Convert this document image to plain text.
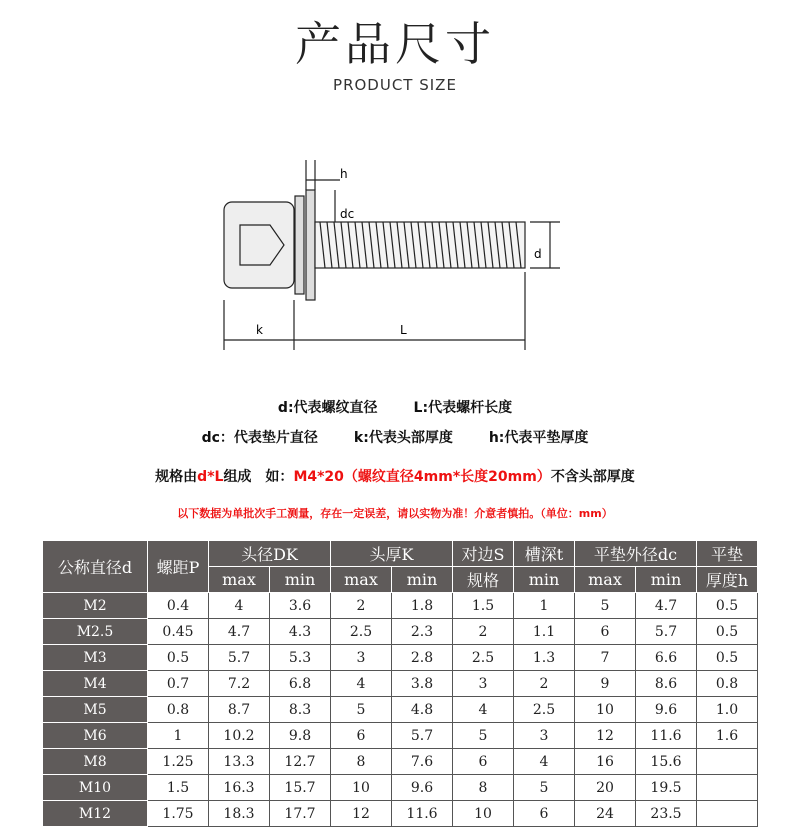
产品尺寸
PRODUCT SIZE
h
dc
d
k	L
d:代表螺纹直径	L:代表螺杆长度
dc：代表垫片直径	k:代表头部厚度	h:代表平垫厚度
规格由d*L组成　如：M4*20（螺纹直径4mm*长度20mm）不含头部厚度
以下数据为单批次手工测量，存在一定误差，请以实物为准！介意者慎拍。（单位：mm）
公称直径d	螺距P	头径DK		头厚K		对边S	槽深t	平垫外径dc		平垫
		max	min	max	min	规格	min	max	min	厚度h
M2	0.4	4	3.6	2	1.8	1.5	1	5	4.7	0.5
M2.5	0.45	4.7	4.3	2.5	2.3	2	1.1	6	5.7	0.5
M3	0.5	5.7	5.3	3	2.8	2.5	1.3	7	6.6	0.5
M4	0.7	7.2	6.8	4	3.8	3	2	9	8.6	0.8
M5	0.8	8.7	8.3	5	4.8	4	2.5	10	9.6	1.0
M6	1	10.2	9.8	6	5.7	5	3	12	11.6	1.6
M8	1.25	13.3	12.7	8	7.6	6	4	16	15.6	
M10	1.5	16.3	15.7	10	9.6	8	5	20	19.5	
M12	1.75	18.3	17.7	12	11.6	10	6	24	23.5	
